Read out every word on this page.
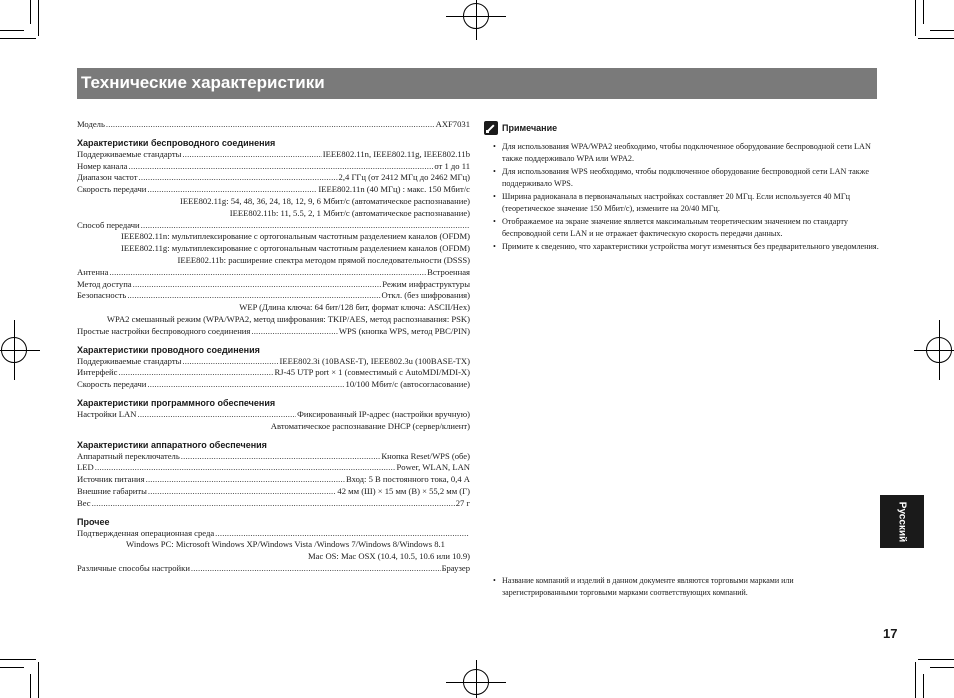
Технические характеристики
Модель .....	AXF7031
Характеристики беспроводного соединения
Поддерживаемые стандарты .....	IEEE802.11n, IEEE802.11g, IEEE802.11b
Номер канала .....	от 1 до 11
Диапазон частот .....	2,4 ГГц (от 2412 МГц до 2462 МГц)
Скорость передачи .....	IEEE802.11n (40 МГц) : макс. 150 Мбит/с
IEEE802.11g: 54, 48, 36, 24, 18, 12, 9, 6 Мбит/с (автоматическое распознавание)
IEEE802.11b: 11, 5.5, 2, 1 Мбит/с (автоматическое распознавание)
Способ передачи
.....
IEEE802.11n: мультиплексирование с ортогональным частотным разделением каналов (OFDM)
IEEE802.11g: мультиплексирование с ортогональным частотным разделением каналов (OFDM)
IEEE802.11b: расширение спектра методом прямой последовательности (DSSS)
Антенна .....	Встроенная
Метод доступа .....	Режим инфраструктуры
Безопасность .....	Откл. (без шифрования)
WEP (Длина ключа: 64 бит/128 бит, формат ключа: ASCII/Hex)
WPA2 смешанный режим (WPA/WPA2, метод шифрования: TKIP/AES, метод распознавания: PSK)
Простые настройки беспроводного соединения .....	WPS (кнопка WPS, метод PBC/PIN)
Характеристики проводного соединения
Поддерживаемые стандарты .....	IEEE802.3i (10BASE-T), IEEE802.3u (100BASE-TX)
Интерфейс .....	RJ-45 UTP port × 1 (совместимый с AutoMDI/MDI-X)
Скорость передачи .....	10/100 Мбит/с (автосогласование)
Характеристики программного обеспечения
Настройки LAN .....	Фиксированный IP-адрес (настройки вручную)
Автоматическое распознавание DHCP (сервер/клиент)
Характеристики аппаратного обеспечения
Аппаратный переключатель .....	Кнопка Reset/WPS (обе)
LED .....	Power, WLAN, LAN
Источник питания .....	Вход: 5 В постоянного тока, 0,4 А
Внешние габариты .....	42 мм (Ш) × 15 мм (В) × 55,2 мм (Г)
Вес .....	27 г
Прочее
Подтвержденная операционная среда
.....
Windows PC: Microsoft Windows XP/Windows Vista /Windows 7/Windows 8/Windows 8.1
Mac OS: Mac OSX (10.4, 10.5, 10.6 или 10.9)
Различные способы настройки .....	Браузер
Примечание
• Для использования WPA/WPA2 необходимо, чтобы подключенное оборудование беспроводной сети LAN также поддерживало WPA или WPA2.
• Для использования WPS необходимо, чтобы подключенное оборудование беспроводной сети LAN также поддерживало WPS.
• Ширина радиоканала в первоначальных настройках составляет 20 МГц. Если используется 40 МГц (теоретическое значение 150 Мбит/с), измените на 20/40 МГц.
• Отображаемое на экране значение является максимальным теоретическим значением по стандарту беспроводной сети LAN и не отражает фактическую скорость передачи данных.
• Примите к сведению, что характеристики устройства могут изменяться без предварительного уведомления.
• Название компаний и изделий в данном документе являются торговыми марками или зарегистрированными торговыми марками соответствующих компаний.
Русский
17
